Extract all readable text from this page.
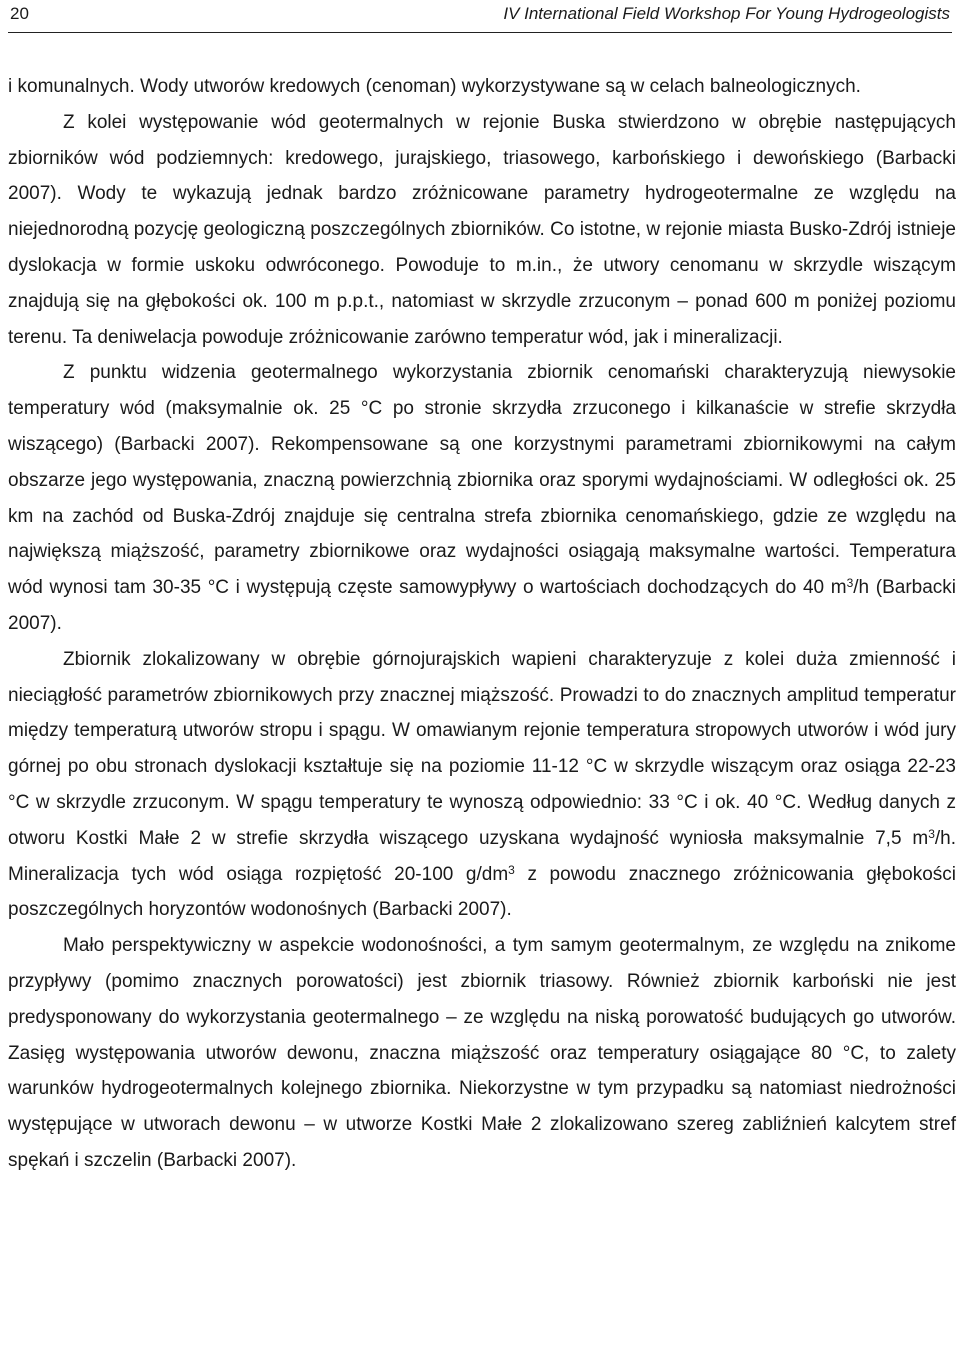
20	IV International Field Workshop For Young Hydrogeologists

i komunalnych. Wody utworów kredowych (cenoman) wykorzystywane są w celach balneologicznych.

Z kolei występowanie wód geotermalnych w rejonie Buska stwierdzono w obrębie następujących zbiorników wód podziemnych: kredowego, jurajskiego, triasowego, karbońskiego i dewońskiego (Barbacki 2007). Wody te wykazują jednak bardzo zróżnicowane parametry hydrogeotermalne ze względu na niejednorodną pozycję geologiczną poszczególnych zbiorników. Co istotne, w rejonie miasta Busko-Zdrój istnieje dyslokacja w formie uskoku odwróconego. Powoduje to m.in., że utwory cenomanu w skrzydle wiszącym znajdują się na głębokości ok. 100 m p.p.t., natomiast w skrzydle zrzuconym – ponad 600 m poniżej poziomu terenu. Ta deniwelacja powoduje zróżnicowanie zarówno temperatur wód, jak i mineralizacji.

Z punktu widzenia geotermalnego wykorzystania zbiornik cenomański charakteryzują niewysokie temperatury wód (maksymalnie ok. 25 °C po stronie skrzydła zrzuconego i kilkanaście w strefie skrzydła wiszącego) (Barbacki 2007). Rekompensowane są one korzystnymi parametrami zbiornikowymi na całym obszarze jego występowania, znaczną powierzchnią zbiornika oraz sporymi wydajnościami. W odległości ok. 25 km na zachód od Buska-Zdrój znajduje się centralna strefa zbiornika cenomańskiego, gdzie ze względu na największą miąższość, parametry zbiornikowe oraz wydajności osiągają maksymalne wartości. Temperatura wód wynosi tam 30-35 °C i występują częste samowypływy o wartościach dochodzących do 40 $m^3/h$ (Barbacki 2007).

Zbiornik zlokalizowany w obrębie górnojurajskich wapieni charakteryzuje z kolei duża zmienność i nieciągłość parametrów zbiornikowych przy znacznej miąższość. Prowadzi to do znacznych amplitud temperatur między temperaturą utworów stropu i spągu. W omawianym rejonie temperatura stropowych utworów i wód jury górnej po obu stronach dyslokacji kształtuje się na poziomie 11-12 °C w skrzydle wiszącym oraz osiąga 22-23 °C w skrzydle zrzuconym. W spągu temperatury te wynoszą odpowiednio: 33 °C i ok. 40 °C. Według danych z otworu Kostki Małe 2 w strefie skrzydła wiszącego uzyskana wydajność wyniosła maksymalnie 7,5 $m^3/h$. Mineralizacja tych wód osiąga rozpiętość 20-100 $g/dm^3$ z powodu znacznego zróżnicowania głębokości poszczególnych horyzontów wodonośnych (Barbacki 2007).

Mało perspektywiczny w aspekcie wodonośności, a tym samym geotermalnym, ze względu na znikome przypływy (pomimo znacznych porowatości) jest zbiornik triasowy. Również zbiornik karboński nie jest predysponowany do wykorzystania geotermalnego – ze względu na niską porowatość budujących go utworów. Zasięg występowania utworów dewonu, znaczna miąższość oraz temperatury osiągające 80 °C, to zalety warunków hydrogeotermalnych kolejnego zbiornika. Niekorzystne w tym przypadku są natomiast niedrożności występujące w utworach dewonu – w utworze Kostki Małe 2 zlokalizowano szereg zabliźnień kalcytem stref spękań i szczelin (Barbacki 2007).
